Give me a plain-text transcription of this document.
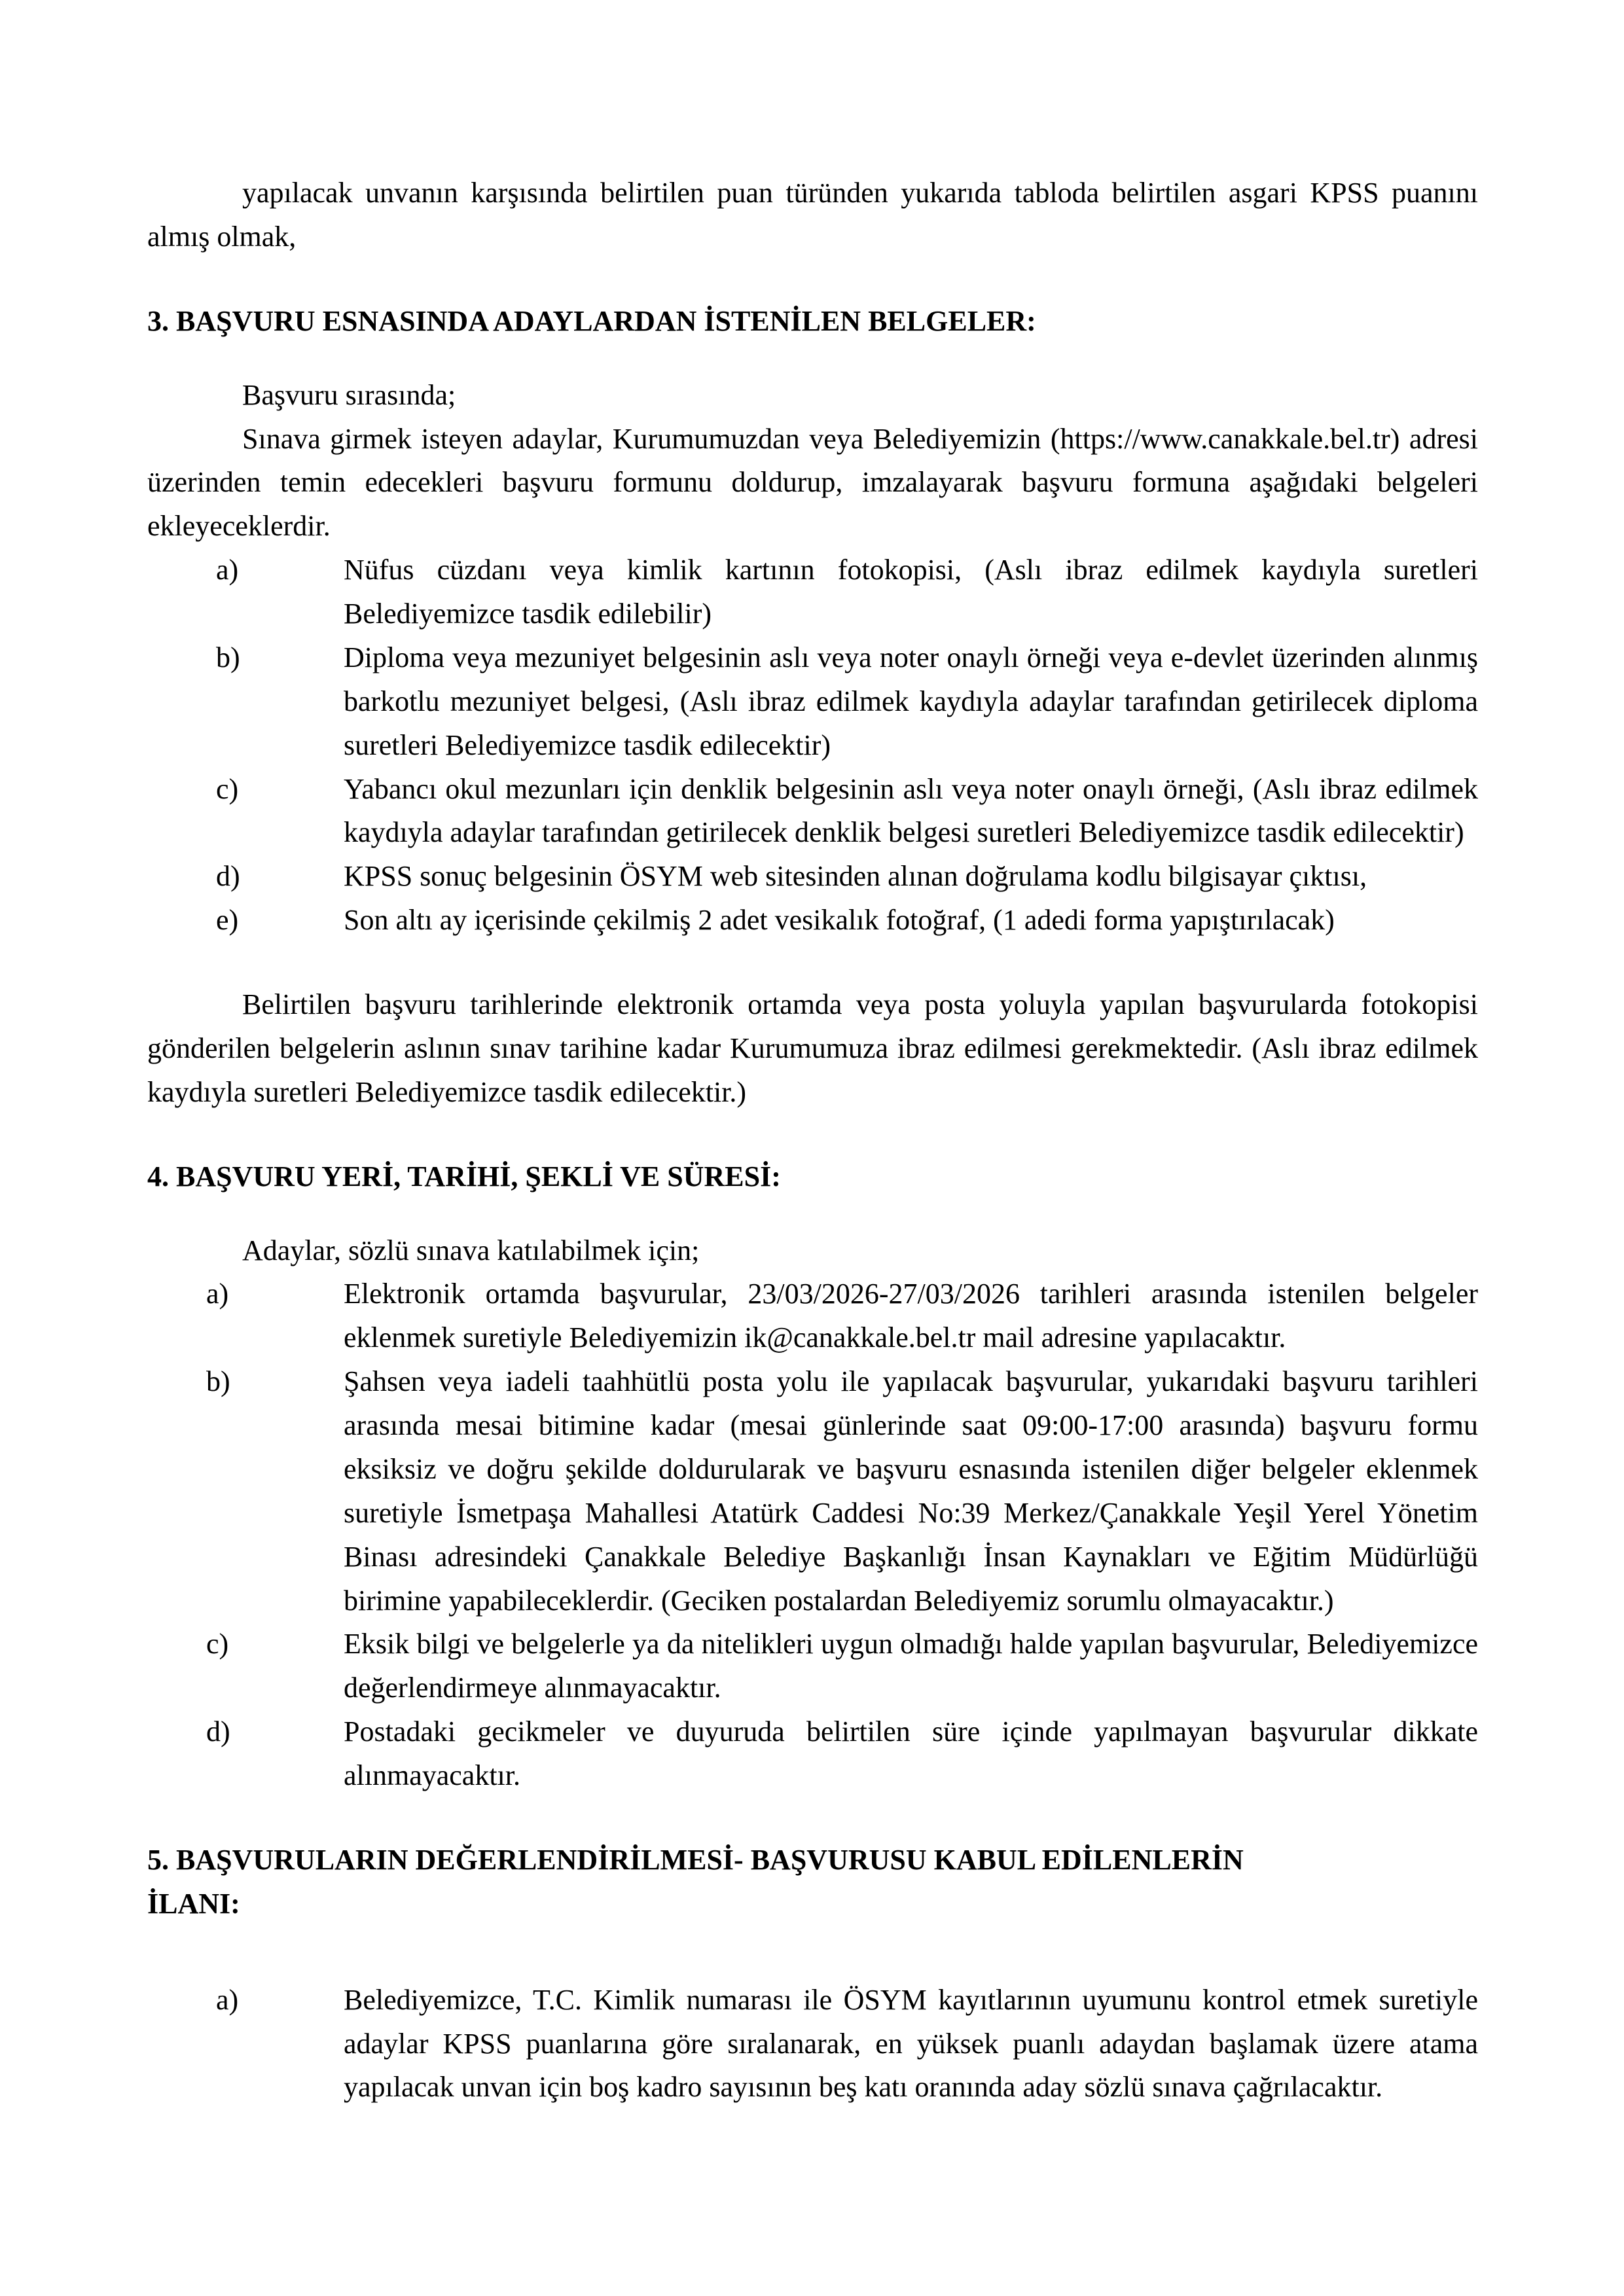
yapılacak unvanın karşısında belirtilen puan türünden yukarıda tabloda belirtilen asgari KPSS puanını almış olmak,

3. BAŞVURU ESNASINDA ADAYLARDAN İSTENİLEN BELGELER:

Başvuru sırasında;

Sınava girmek isteyen adaylar, Kurumumuzdan veya Belediyemizin (https://www.canakkale.bel.tr) adresi üzerinden temin edecekleri başvuru formunu doldurup, imzalayarak başvuru formuna aşağıdaki belgeleri ekleyeceklerdir.

a)	Nüfus cüzdanı veya kimlik kartının fotokopisi, (Aslı ibraz edilmek kaydıyla suretleri Belediyemizce tasdik edilebilir)
b)	Diploma veya mezuniyet belgesinin aslı veya noter onaylı örneği veya e-devlet üzerinden alınmış barkotlu mezuniyet belgesi, (Aslı ibraz edilmek kaydıyla adaylar tarafından getirilecek diploma suretleri Belediyemizce tasdik edilecektir)
c)	Yabancı okul mezunları için denklik belgesinin aslı veya noter onaylı örneği, (Aslı ibraz edilmek kaydıyla adaylar tarafından getirilecek denklik belgesi suretleri Belediyemizce tasdik edilecektir)
d)	KPSS sonuç belgesinin ÖSYM web sitesinden alınan doğrulama kodlu bilgisayar çıktısı,
e)	Son altı ay içerisinde çekilmiş 2 adet vesikalık fotoğraf, (1 adedi forma yapıştırılacak)

Belirtilen başvuru tarihlerinde elektronik ortamda veya posta yoluyla yapılan başvurularda fotokopisi gönderilen belgelerin aslının sınav tarihine kadar Kurumumuza ibraz edilmesi gerekmektedir. (Aslı ibraz edilmek kaydıyla suretleri Belediyemizce tasdik edilecektir.)

4. BAŞVURU YERİ, TARİHİ, ŞEKLİ VE SÜRESİ:

Adaylar, sözlü sınava katılabilmek için;

a)	Elektronik ortamda başvurular, 23/03/2026-27/03/2026 tarihleri arasında istenilen belgeler eklenmek suretiyle Belediyemizin ik@canakkale.bel.tr mail adresine yapılacaktır.
b)	Şahsen veya iadeli taahhütlü posta yolu ile yapılacak başvurular, yukarıdaki başvuru tarihleri arasında mesai bitimine kadar (mesai günlerinde saat 09:00-17:00 arasında) başvuru formu eksiksiz ve doğru şekilde doldurularak ve başvuru esnasında istenilen diğer belgeler eklenmek suretiyle İsmetpaşa Mahallesi Atatürk Caddesi No:39 Merkez/Çanakkale Yeşil Yerel Yönetim Binası adresindeki Çanakkale Belediye Başkanlığı İnsan Kaynakları ve Eğitim Müdürlüğü birimine yapabileceklerdir. (Geciken postalardan Belediyemiz sorumlu olmayacaktır.)
c)	Eksik bilgi ve belgelerle ya da nitelikleri uygun olmadığı halde yapılan başvurular, Belediyemizce değerlendirmeye alınmayacaktır.
d)	Postadaki gecikmeler ve duyuruda belirtilen süre içinde yapılmayan başvurular dikkate alınmayacaktır.
5. BAŞVURULARIN DEĞERLENDİRİLMESİ- BAŞVURUSU KABUL EDİLENLERİN
İLANI:
a)	Belediyemizce, T.C. Kimlik numarası ile ÖSYM kayıtlarının uyumunu kontrol etmek suretiyle adaylar KPSS puanlarına göre sıralanarak, en yüksek puanlı adaydan başlamak üzere atama yapılacak unvan için boş kadro sayısının beş katı oranında aday sözlü sınava çağrılacaktır.
